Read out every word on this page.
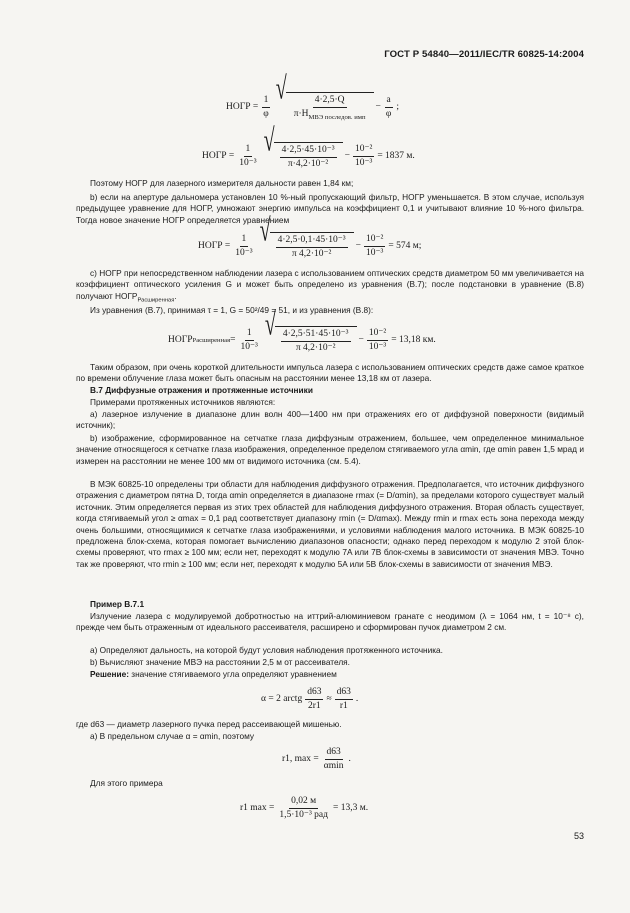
ГОСТ Р 54840—2011/IEC/TR 60825-14:2004
НОГР = $\frac{1}{\varphi}$
√
$\frac{4\cdot 2,5\cdot Q}{\pi\cdot H_{МВЭ последов. имп}} - \frac{a}{\varphi}$ ;
НОГР = $\frac{1}{\text{10⁻³}}$ √ $\frac{\text{4·2,5·45·10⁻³}}{\text{π·4,2·10⁻²}} - \frac{\text{10⁻²}}{\text{10⁻³}} = 1837$ м.
Поэтому НОГР для лазерного измерителя дальности равен 1,84 км;
b) если на апертуре дальномера установлен 10 %-ный пропускающий фильтр, НОГР уменьшается. В этом случае, используя предыдущее уравнение для НОГР, умножают энергию импульса на коэффициент 0,1 и учитывают влияние 10 %-ного фильтра. Тогда новое значение НОГР определяется уравнением
НОГР = $\frac{1}{\text{10⁻³}}$ √ $\frac{\text{4·2,5·0,1·45·10⁻³}}{\text{π 4,2·10⁻²}} - \frac{\text{10⁻²}}{\text{10⁻³}} = 574$ м;
c) НОГР при непосредственном наблюдении лазера с использованием оптических средств диаметром 50 мм увеличивается на коэффициент оптического усиления G и может быть определено из уравнения (B.7); после подстановки в уравнение (B.8) получают $НОГР_{Расширенная}$.
Из уравнения (B.7), принимая τ = 1, G = 50²/49 = 51, и из уравнения (B.8):
НОГР Расширенная = $\frac{1}{\text{10⁻³}}$ √ $\frac{\text{4·2,5·51·45·10⁻³}}{\text{π 4,2·10⁻²}} - \frac{\text{10⁻²}}{\text{10⁻³}} = 13,18$ км.
Таким образом, при очень короткой длительности импульса лазера с использованием оптических средств даже самое краткое по времени облучение глаза может быть опасным на расстоянии менее 13,18 км от лазера.
B.7 Диффузные отражения и протяженные источники
Примерами протяженных источников являются:
a) лазерное излучение в диапазоне длин волн 400—1400 нм при отражениях его от диффузной поверхности (видимый источник);
b) изображение, сформированное на сетчатке глаза диффузным отражением, большее, чем определенное минимальное значение относящегося к сетчатке глаза изображения, определенное пределом стягиваемого угла αmin, где αmin равен 1,5 мрад и измерен на расстоянии не менее 100 мм от видимого источника (см. 5.4).
В МЭК 60825-10 определены три области для наблюдения диффузного отражения. Предполагается, что источник диффузного отражения с диаметром пятна D, тогда αmin определяется в диапазоне rmax (= D/αmin), за пределами которого существует малый источник. Этим определяется первая из этих трех областей для наблюдения диффузного отражения. Вторая область существует, когда стягиваемый угол ≥ αmax = 0,1 рад соответствует диапазону rmin (= D/αmax). Между rmin и rmax есть зона перехода между очень большими, относящимися к сетчатке глаза изображениями, и условиями наблюдения малого источника. В МЭК 60825-10 предложена блок-схема, которая помогает вычислению диапазонов опасности; однако перед переходом к модулю 2 этой блок-схемы проверяют, что rmax ≥ 100 мм; если нет, переходят к модулю 7A или 7B блок-схемы в зависимости от значения МВЭ. Точно так же проверяют, что rmin ≥ 100 мм; если нет, переходят к модулю 5A или 5B блок-схемы в зависимости от значения МВЭ.
Пример B.7.1
Излучение лазера с модулируемой добротностью на иттрий-алюминиевом гранате с неодимом (λ = 1064 нм, t = 10⁻⁸ с), прежде чем быть отраженным от идеального рассеивателя, расширено и сформирован пучок диаметром 2 см.
a) Определяют дальность, на которой будут условия наблюдения протяженного источника.
b) Вычисляют значение МВЭ на расстоянии 2,5 м от рассеивателя.
Решение: значение стягиваемого угла определяют уравнением
α = 2 arctg $\frac{d63}{2r1} \approx \frac{d63}{r1}$ .
где d63 — диаметр лазерного пучка перед рассеивающей мишенью.
a) В предельном случае α = αmin, поэтому
r1, $\max = \frac{d63}{\alpha\min}$ .
Для этого примера
r1 $\max = \frac{0,02 м}{\text{1,5·10⁻³ рад}} = 13,3$ м.
53
